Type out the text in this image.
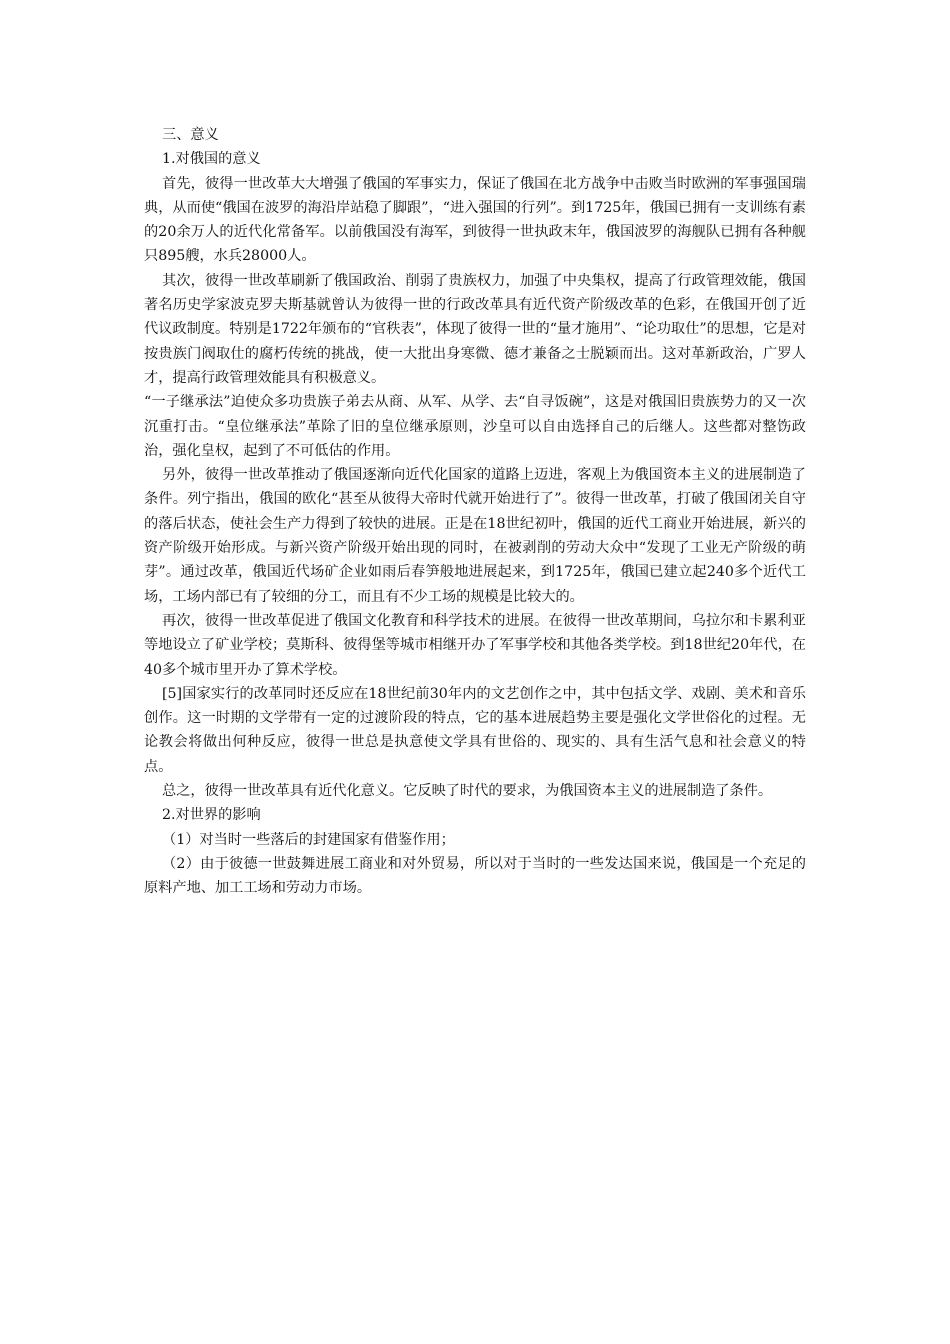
三、意义

1.对俄国的意义

首先，彼得一世改革大大增强了俄国的军事实力，保证了俄国在北方战争中击败当时欧洲的军事强国瑞典，从而使“俄国在波罗的海沿岸站稳了脚跟”，“进入强国的行列”。到1725年，俄国已拥有一支训练有素的20余万人的近代化常备军。以前俄国没有海军，到彼得一世执政末年，俄国波罗的海舰队已拥有各种舰只895艘，水兵28000人。

其次，彼得一世改革刷新了俄国政治、削弱了贵族权力，加强了中央集权，提高了行政管理效能，俄国著名历史学家波克罗夫斯基就曾认为彼得一世的行政改革具有近代资产阶级改革的色彩，在俄国开创了近代议政制度。特别是1722年颁布的“官秩表”，体现了彼得一世的“量才施用”、“论功取仕”的思想，它是对按贵族门阀取仕的腐朽传统的挑战，使一大批出身寒微、德才兼备之士脱颖而出。这对革新政治，广罗人才，提高行政管理效能具有积极意义。

“一子继承法”迫使众多功贵族子弟去从商、从军、从学、去“自寻饭碗”，这是对俄国旧贵族势力的又一次沉重打击。“皇位继承法”革除了旧的皇位继承原则，沙皇可以自由选择自己的后继人。这些都对整饬政治，强化皇权，起到了不可低估的作用。

另外，彼得一世改革推动了俄国逐渐向近代化国家的道路上迈进，客观上为俄国资本主义的进展制造了条件。列宁指出，俄国的欧化“甚至从彼得大帝时代就开始进行了”。彼得一世改革，打破了俄国闭关自守的落后状态，使社会生产力得到了较快的进展。正是在18世纪初叶，俄国的近代工商业开始进展，新兴的资产阶级开始形成。与新兴资产阶级开始出现的同时，在被剥削的劳动大众中“发现了工业无产阶级的萌芽”。通过改革，俄国近代场矿企业如雨后春笋般地进展起来，到1725年，俄国已建立起240多个近代工场，工场内部已有了较细的分工，而且有不少工场的规模是比较大的。

再次，彼得一世改革促进了俄国文化教育和科学技术的进展。在彼得一世改革期间，乌拉尔和卡累利亚等地设立了矿业学校；莫斯科、彼得堡等城市相继开办了军事学校和其他各类学校。到18世纪20年代，在40多个城市里开办了算术学校。

[5]国家实行的改革同时还反应在18世纪前30年内的文艺创作之中，其中包括文学、戏剧、美术和音乐创作。这一时期的文学带有一定的过渡阶段的特点，它的基本进展趋势主要是强化文学世俗化的过程。无论教会将做出何种反应，彼得一世总是执意使文学具有世俗的、现实的、具有生活气息和社会意义的特点。

总之，彼得一世改革具有近代化意义。它反映了时代的要求，为俄国资本主义的进展制造了条件。

2.对世界的影响

（1）对当时一些落后的封建国家有借鉴作用；

（2）由于彼德一世鼓舞进展工商业和对外贸易，所以对于当时的一些发达国来说，俄国是一个充足的原料产地、加工工场和劳动力市场。
